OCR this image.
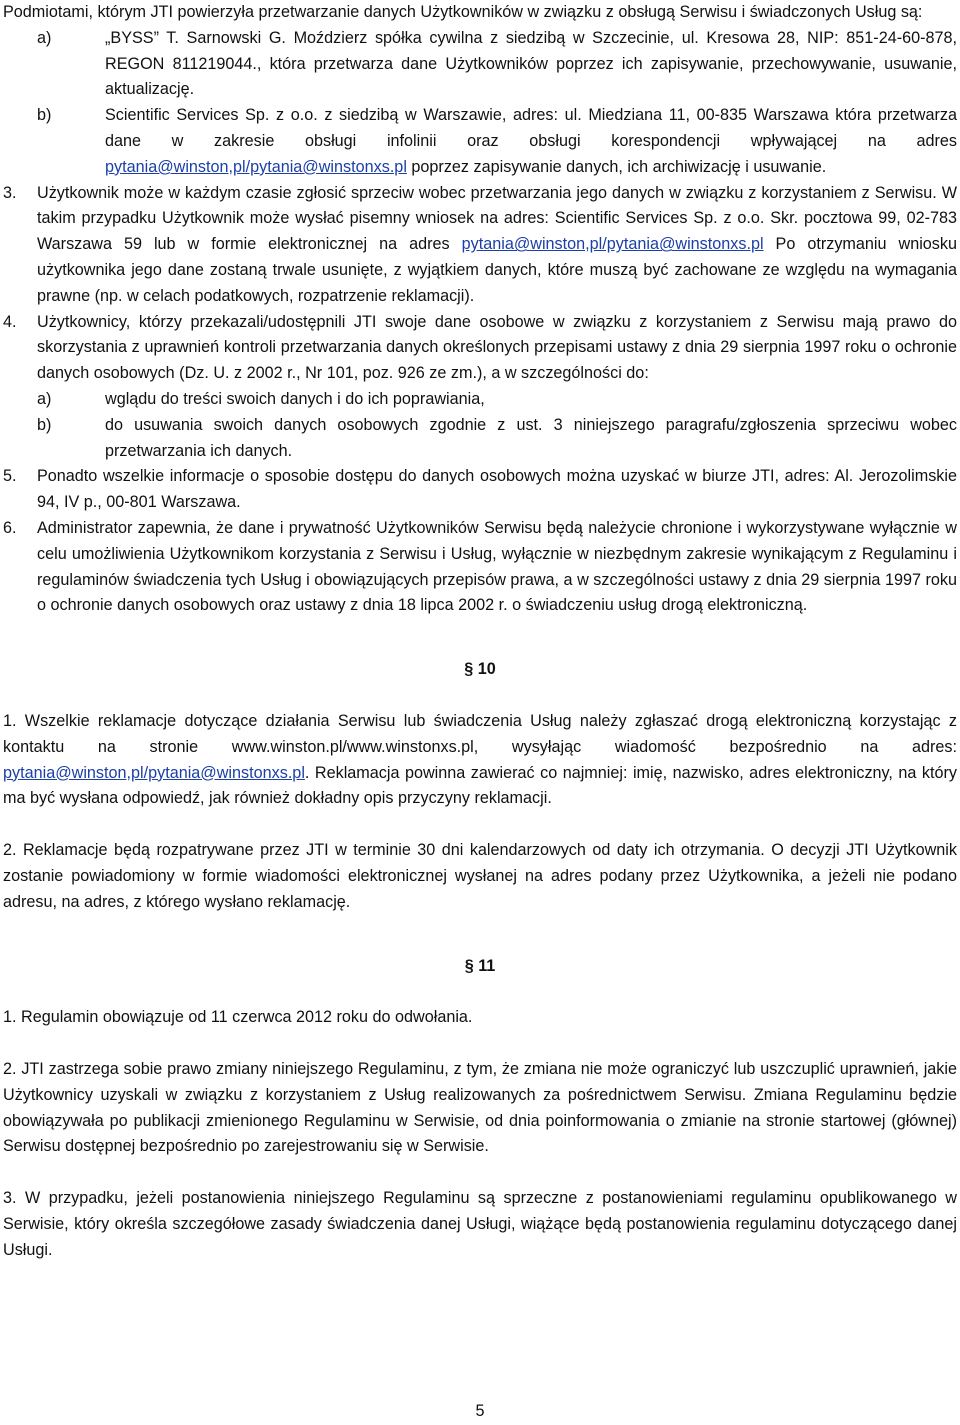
Podmiotami, którym JTI powierzyła przetwarzanie danych Użytkowników w związku z obsługą Serwisu i świadczonych Usług są:

a)	„BYSS” T. Sarnowski G. Moździerz spółka cywilna z siedzibą w Szczecinie, ul. Kresowa 28, NIP: 851-24-60-878, REGON 811219044., która przetwarza dane Użytkowników poprzez ich zapisywanie, przechowywanie, usuwanie, aktualizację.
b)	Scientific Services Sp. z o.o. z siedzibą w Warszawie, adres: ul. Miedziana 11, 00-835 Warszawa która przetwarza dane w zakresie obsługi infolinii oraz obsługi korespondencji wpływającej na adres pytania@winston,pl/pytania@winstonxs.pl poprzez zapisywanie danych, ich archiwizację i usuwanie.
3.	Użytkownik może w każdym czasie zgłosić sprzeciw wobec przetwarzania jego danych w związku z korzystaniem z Serwisu. W takim przypadku Użytkownik może wysłać pisemny wniosek na adres: Scientific Services Sp. z o.o. Skr. pocztowa 99, 02-783 Warszawa 59 lub w formie elektronicznej na adres pytania@winston,pl/pytania@winstonxs.pl Po otrzymaniu wniosku użytkownika jego dane zostaną trwale usunięte, z wyjątkiem danych, które muszą być zachowane ze względu na wymagania prawne (np. w celach podatkowych, rozpatrzenie reklamacji).
4.	Użytkownicy, którzy przekazali/udostępnili JTI swoje dane osobowe w związku z korzystaniem z Serwisu mają prawo do skorzystania z uprawnień kontroli przetwarzania danych określonych przepisami ustawy z dnia 29 sierpnia 1997 roku o ochronie danych osobowych (Dz. U. z 2002 r., Nr 101, poz. 926 ze zm.), a w szczególności do:
a)	wglądu do treści swoich danych i do ich poprawiania,
b)	do usuwania swoich danych osobowych zgodnie z ust. 3 niniejszego paragrafu/zgłoszenia sprzeciwu wobec przetwarzania ich danych.
5.	Ponadto wszelkie informacje o sposobie dostępu do danych osobowych można uzyskać w biurze JTI, adres: Al. Jerozolimskie 94, IV p., 00-801 Warszawa.
6.	Administrator zapewnia, że dane i prywatność Użytkowników Serwisu będą należycie chronione i wykorzystywane wyłącznie w celu umożliwienia Użytkownikom korzystania z Serwisu i Usług, wyłącznie w niezbędnym zakresie wynikającym z Regulaminu i regulaminów świadczenia tych Usług i obowiązujących przepisów prawa, a w szczególności ustawy z dnia 29 sierpnia 1997 roku o ochronie danych osobowych oraz ustawy z dnia 18 lipca 2002 r. o świadczeniu usług drogą elektroniczną.

§ 10

1. Wszelkie reklamacje dotyczące działania Serwisu lub świadczenia Usług należy zgłaszać drogą elektroniczną korzystając z kontaktu na stronie www.winston.pl/www.winstonxs.pl, wysyłając wiadomość bezpośrednio na adres: pytania@winston,pl/pytania@winstonxs.pl. Reklamacja powinna zawierać co najmniej: imię, nazwisko, adres elektroniczny, na który ma być wysłana odpowiedź, jak również dokładny opis przyczyny reklamacji.

2. Reklamacje będą rozpatrywane przez JTI w terminie 30 dni kalendarzowych od daty ich otrzymania. O decyzji JTI Użytkownik zostanie powiadomiony w formie wiadomości elektronicznej wysłanej na adres podany przez Użytkownika, a jeżeli nie podano adresu, na adres, z którego wysłano reklamację.

§ 11

1. Regulamin obowiązuje od 11 czerwca 2012 roku do odwołania.

2. JTI zastrzega sobie prawo zmiany niniejszego Regulaminu, z tym, że zmiana nie może ograniczyć lub uszczuplić uprawnień, jakie Użytkownicy uzyskali w związku z korzystaniem z Usług realizowanych za pośrednictwem Serwisu. Zmiana Regulaminu będzie obowiązywała po publikacji zmienionego Regulaminu w Serwisie, od dnia poinformowania o zmianie na stronie startowej (głównej) Serwisu dostępnej bezpośrednio po zarejestrowaniu się w Serwisie.

3. W przypadku, jeżeli postanowienia niniejszego Regulaminu są sprzeczne z postanowieniami regulaminu opublikowanego w Serwisie, który określa szczegółowe zasady świadczenia danej Usługi, wiążące będą postanowienia regulaminu dotyczącego danej Usługi.

5
